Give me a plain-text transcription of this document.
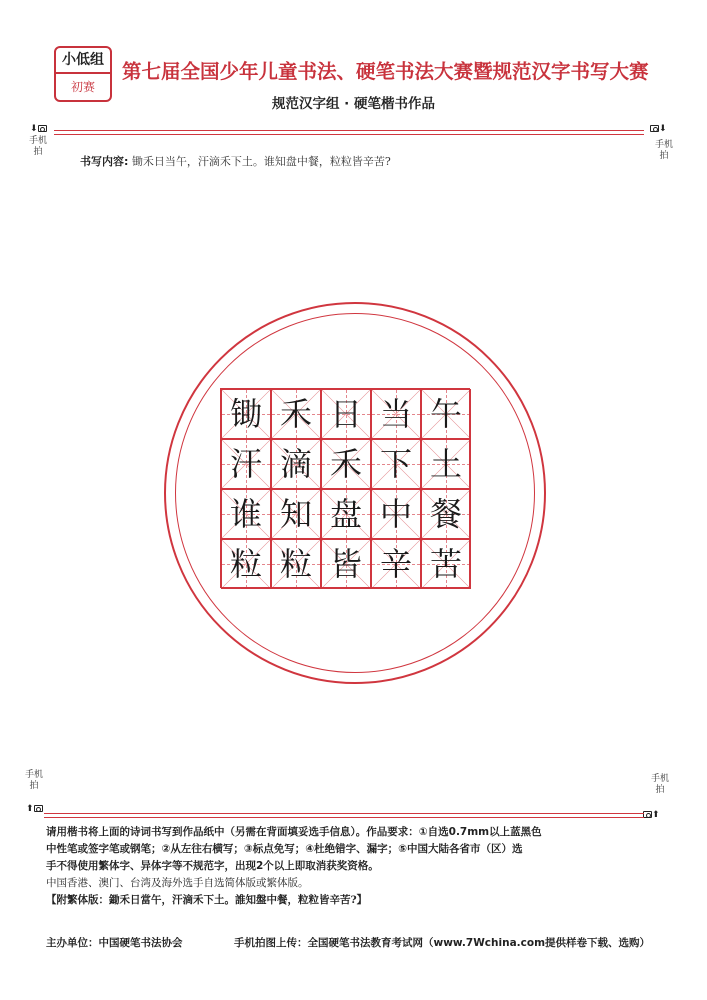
小低组
初赛
第七届全国少年儿童书法、硬笔书法大赛暨规范汉字书写大赛
规范汉字组 · 硬笔楷书作品
⬇
手机拍
⬇
手机拍
书写内容: 锄禾日当午，汗滴禾下土。谁知盘中餐，粒粒皆辛苦?
锄 禾 日 当 午
汗 滴 禾 下 土
谁 知 盘 中 餐
粒 粒 皆 辛 苦
手机拍
⬆
手机拍
⬆

请用楷书将上面的诗词书写到作品纸中（另需在背面填妥选手信息）。作品要求：①自选0.7mm以上蓝黑色

中性笔或签字笔或钢笔；②从左往右横写；③标点免写；④杜绝错字、漏字；⑤中国大陆各省市（区）选

手不得使用繁体字、异体字等不规范字，出现2个以上即取消获奖资格。

中国香港、澳门、台湾及海外选手自选简体版或繁体版。

【附繁体版：鋤禾日當午，汗滴禾下土。誰知盤中餐，粒粒皆辛苦?】

主办单位：中国硬笔书法协会	手机拍图上传：全国硬笔书法教育考试网（www.7Wchina.com提供样卷下载、选购）
